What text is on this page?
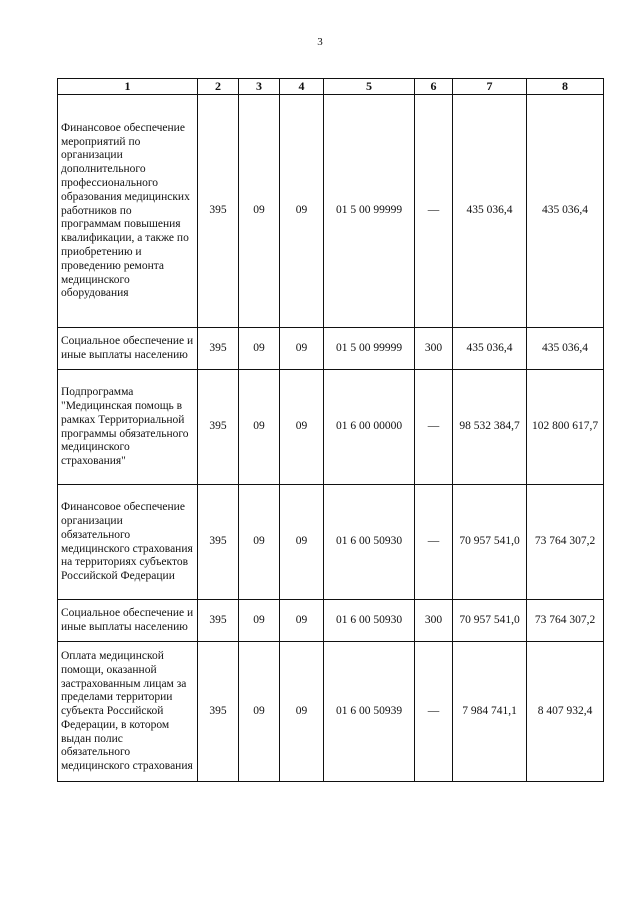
3
1	2	3	4	5	6	7	8
Финансовое обеспечение мероприятий по организации дополнительного профессионального образования медицинских работников по программам повышения квалификации, а также по приобретению и проведению ремонта медицинского оборудования	395	09	09	01 5 00 99999	—	435 036,4	435 036,4
Социальное обеспечение и иные выплаты населению	395	09	09	01 5 00 99999	300	435 036,4	435 036,4
Подпрограмма "Медицинская помощь в рамках Территориальной программы обязательного медицинского страхования"	395	09	09	01 6 00 00000	—	98 532 384,7	102 800 617,7
Финансовое обеспечение организации обязательного медицинского страхования на территориях субъектов Российской Федерации	395	09	09	01 6 00 50930	—	70 957 541,0	73 764 307,2
Социальное обеспечение и иные выплаты населению	395	09	09	01 6 00 50930	300	70 957 541,0	73 764 307,2
Оплата медицинской помощи, оказанной застрахованным лицам за пределами территории субъекта Российской Федерации, в котором выдан полис обязательного медицинского страхования	395	09	09	01 6 00 50939	—	7 984 741,1	8 407 932,4
